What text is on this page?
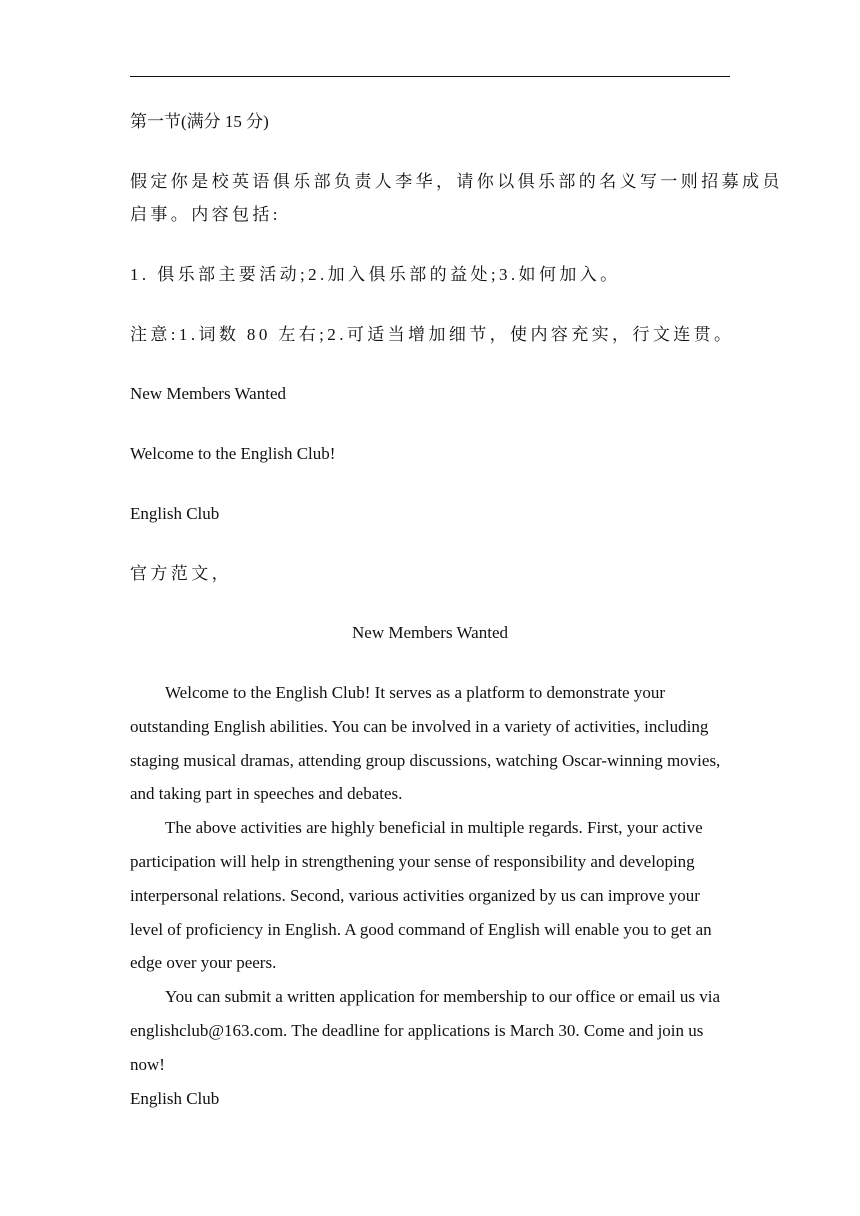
第一节(满分 15 分)
假定你是校英语俱乐部负责人李华，请你以俱乐部的名义写一则招募成员
启事。内容包括:
1. 俱乐部主要活动;2.加入俱乐部的益处;3.如何加入。
注意:1.词数 80 左右;2.可适当增加细节，使内容充实，行文连贯。
New Members Wanted
Welcome to the English Club!
English Club
官方范文，
New Members Wanted

Welcome to the English Club! It serves as a platform to demonstrate your outstanding English abilities. You can be involved in a variety of activities, including staging musical dramas, attending group discussions, watching Oscar-winning movies, and taking part in speeches and debates.

The above activities are highly beneficial in multiple regards. First, your active participation will help in strengthening your sense of responsibility and developing interpersonal relations. Second, various activities organized by us can improve your level of proficiency in English. A good command of English will enable you to get an edge over your peers.

You can submit a written application for membership to our office or email us via englishclub@163.com. The deadline for applications is March 30. Come and join us now!

English Club
